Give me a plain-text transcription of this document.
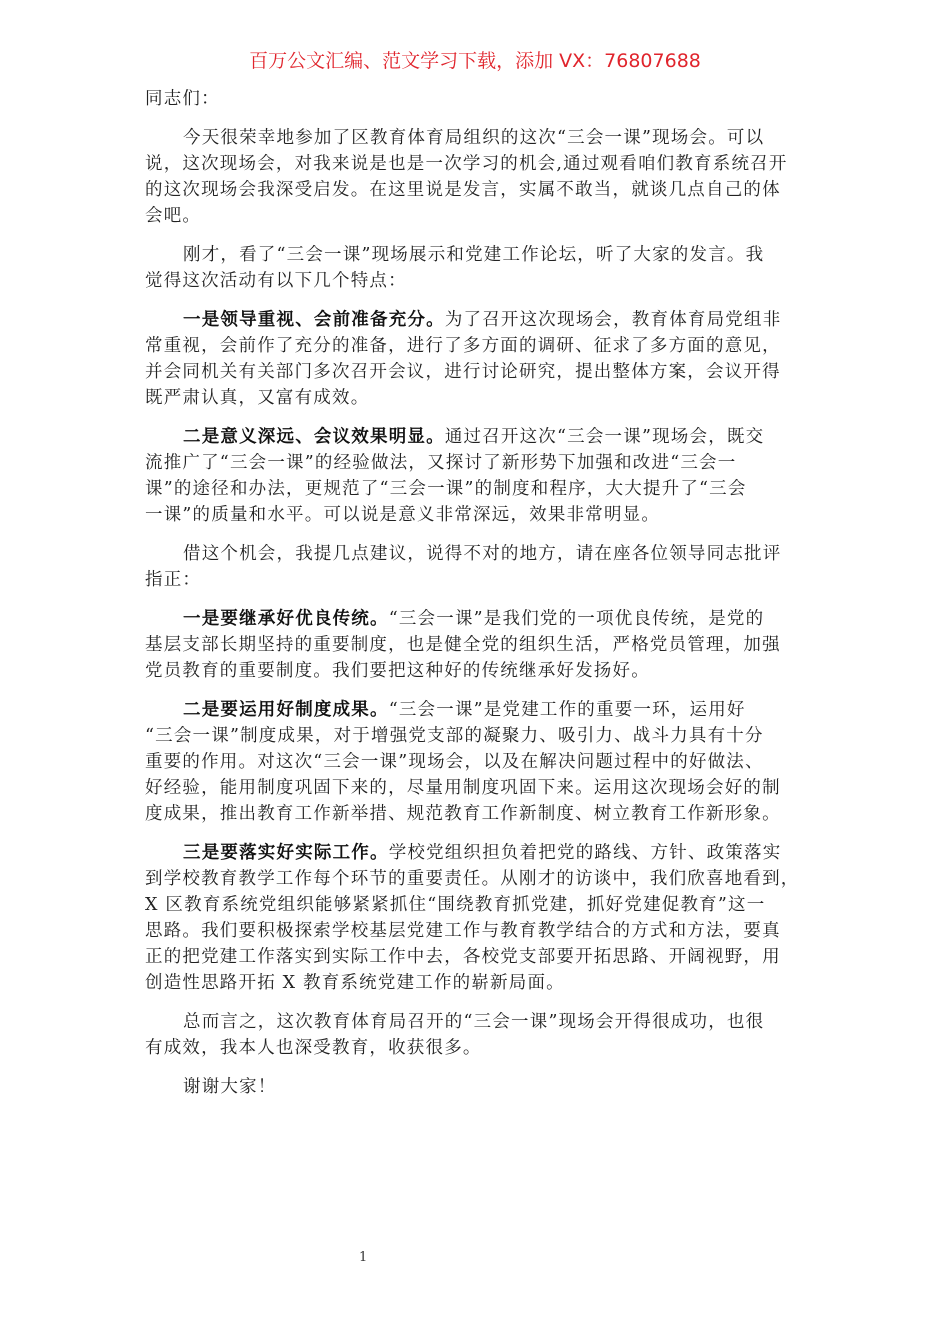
百万公文汇编、范文学习下载，添加 VX：76807688
同志们：
今天很荣幸地参加了区教育体育局组织的这次“三会一课”现场会。可以
说，这次现场会，对我来说是也是一次学习的机会,通过观看咱们教育系统召开
的这次现场会我深受启发。在这里说是发言，实属不敢当，就谈几点自己的体
会吧。
刚才，看了“三会一课”现场展示和党建工作论坛，听了大家的发言。我
觉得这次活动有以下几个特点：
一是领导重视、会前准备充分。为了召开这次现场会，教育体育局党组非
常重视，会前作了充分的准备，进行了多方面的调研、征求了多方面的意见，
并会同机关有关部门多次召开会议，进行讨论研究，提出整体方案，会议开得
既严肃认真，又富有成效。
二是意义深远、会议效果明显。通过召开这次“三会一课”现场会，既交
流推广了“三会一课”的经验做法，又探讨了新形势下加强和改进“三会一
课”的途径和办法，更规范了“三会一课”的制度和程序，大大提升了“三会
一课”的质量和水平。可以说是意义非常深远，效果非常明显。
借这个机会，我提几点建议，说得不对的地方，请在座各位领导同志批评
指正：
一是要继承好优良传统。“三会一课”是我们党的一项优良传统，是党的
基层支部长期坚持的重要制度，也是健全党的组织生活，严格党员管理，加强
党员教育的重要制度。我们要把这种好的传统继承好发扬好。
二是要运用好制度成果。“三会一课”是党建工作的重要一环，运用好
“三会一课”制度成果，对于增强党支部的凝聚力、吸引力、战斗力具有十分
重要的作用。对这次“三会一课”现场会，以及在解决问题过程中的好做法、
好经验，能用制度巩固下来的，尽量用制度巩固下来。运用这次现场会好的制
度成果，推出教育工作新举措、规范教育工作新制度、树立教育工作新形象。
三是要落实好实际工作。学校党组织担负着把党的路线、方针、政策落实
到学校教育教学工作每个环节的重要责任。从刚才的访谈中，我们欣喜地看到，
X 区教育系统党组织能够紧紧抓住“围绕教育抓党建，抓好党建促教育”这一
思路。我们要积极探索学校基层党建工作与教育教学结合的方式和方法，要真
正的把党建工作落实到实际工作中去，各校党支部要开拓思路、开阔视野，用
创造性思路开拓 X 教育系统党建工作的崭新局面。
总而言之，这次教育体育局召开的“三会一课”现场会开得很成功，也很
有成效，我本人也深受教育，收获很多。
谢谢大家！
1
